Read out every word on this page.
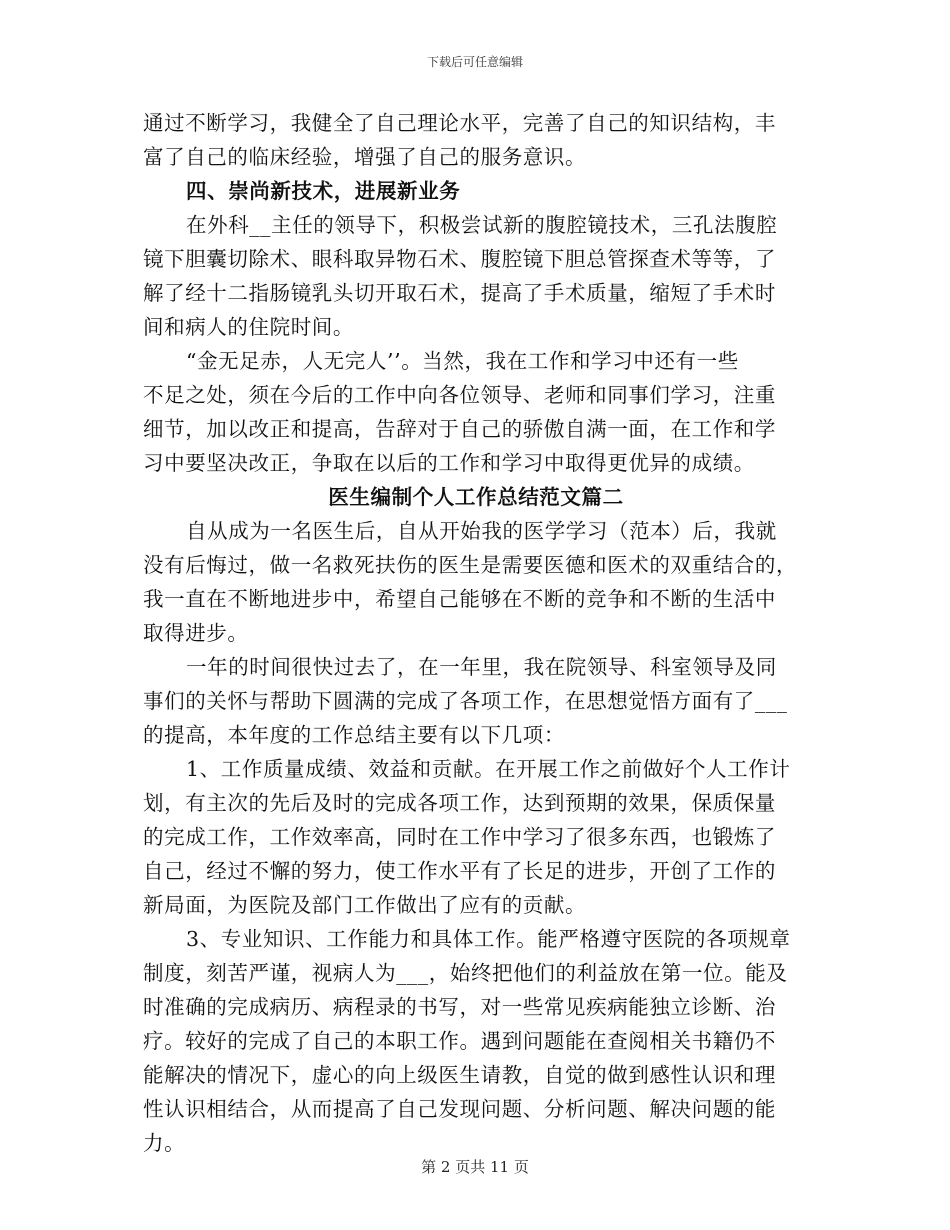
下载后可任意编辑
通过不断学习，我健全了自己理论水平，完善了自己的知识结构，丰
富了自己的临床经验，增强了自己的服务意识。
四、崇尚新技术，进展新业务
在外科__主任的领导下，积极尝试新的腹腔镜技术，三孔法腹腔
镜下胆囊切除术、眼科取异物石术、腹腔镜下胆总管探查术等等，了
解了经十二指肠镜乳头切开取石术，提高了手术质量，缩短了手术时
间和病人的住院时间。
“金无足赤，人无完人’’。当然，我在工作和学习中还有一些
不足之处，须在今后的工作中向各位领导、老师和同事们学习，注重
细节，加以改正和提高，告辞对于自己的骄傲自满一面，在工作和学
习中要坚决改正，争取在以后的工作和学习中取得更优异的成绩。
医生编制个人工作总结范文篇二
自从成为一名医生后，自从开始我的医学学习（范本）后，我就
没有后悔过，做一名救死扶伤的医生是需要医德和医术的双重结合的，
我一直在不断地进步中，希望自己能够在不断的竞争和不断的生活中
取得进步。
一年的时间很快过去了，在一年里，我在院领导、科室领导及同
事们的关怀与帮助下圆满的完成了各项工作，在思想觉悟方面有了___
的提高，本年度的工作总结主要有以下几项：
1、工作质量成绩、效益和贡献。在开展工作之前做好个人工作计
划，有主次的先后及时的完成各项工作，达到预期的效果，保质保量
的完成工作，工作效率高，同时在工作中学习了很多东西，也锻炼了
自己，经过不懈的努力，使工作水平有了长足的进步，开创了工作的
新局面，为医院及部门工作做出了应有的贡献。
3、专业知识、工作能力和具体工作。能严格遵守医院的各项规章
制度，刻苦严谨，视病人为___，始终把他们的利益放在第一位。能及
时准确的完成病历、病程录的书写，对一些常见疾病能独立诊断、治
疗。较好的完成了自己的本职工作。遇到问题能在查阅相关书籍仍不
能解决的情况下，虚心的向上级医生请教，自觉的做到感性认识和理
性认识相结合，从而提高了自己发现问题、分析问题、解决问题的能
力。
第 2 页共 11 页
